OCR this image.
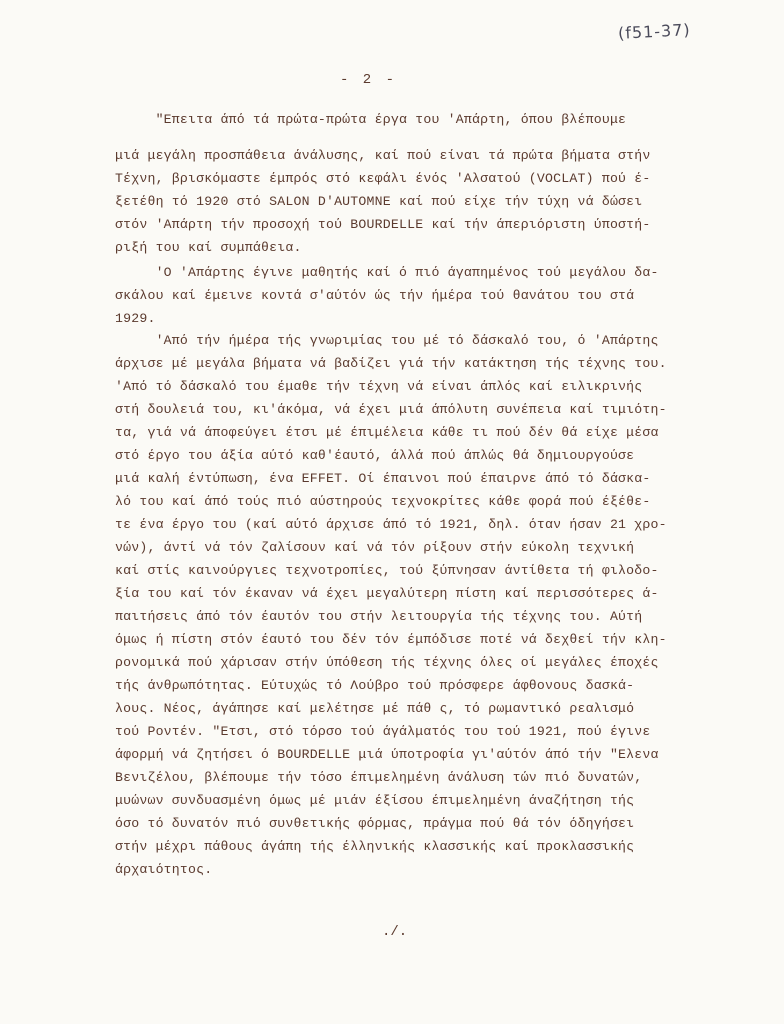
(f51-37)
- 2 -
"Επειτα άπό τά πρώτα-πρώτα έργα του 'Απάρτη, όπου βλέπουμε
μιά μεγάλη προσπάθεια άνάλυσης, καί πού είναι τά πρώτα βήματα στήν
Τέχνη, βρισκόμαστε έμπρός στό κεφάλι ένός 'Αλσατού (VOCLAT) πού έ-
ξετέθη τό 1920 στό SALON D'AUTOMNE καί πού είχε τήν τύχη νά δώσει
στόν 'Απάρτη τήν προσοχή τού BOURDELLE καί τήν άπεριόριστη ύποστή-
ριξή του καί συμπάθεια.
'Ο 'Απάρτης έγινε μαθητής καί ό πιό άγαπημένος τού μεγάλου δα-
σκάλου καί έμεινε κοντά σ'αύτόν ώς τήν ήμέρα τού θανάτου του στά
1929.
'Από τήν ήμέρα τής γνωριμίας του μέ τό δάσκαλό του, ό 'Απάρτης
άρχισε μέ μεγάλα βήματα νά βαδίζει γιά τήν κατάκτηση τής τέχνης του.
'Από τό δάσκαλό του έμαθε τήν τέχνη νά είναι άπλός καί ειλικρινής
στή δουλειά του, κι'άκόμα, νά έχει μιά άπόλυτη συνέπεια καί τιμιότη-
τα, γιά νά άποφεύγει έτσι μέ έπιμέλεια κάθε τι πού δέν θά είχε μέσα
στό έργο του άξία αύτό καθ'έαυτό, άλλά πού άπλώς θά δημιουργούσε
μιά καλή έντύπωση, ένα EFFET. Οί έπαινοι πού έπαιρνε άπό τό δάσκα-
λό του καί άπό τούς πιό αύστηρούς τεχνοκρίτες κάθε φορά πού έξέθε-
τε ένα έργο του (καί αύτό άρχισε άπό τό 1921, δηλ. όταν ήσαν 21 χρο-
νών), άντί νά τόν ζαλίσουν καί νά τόν ρίξουν στήν εύκολη τεχνική
καί στίς καινούργιες τεχνοτροπίες, τού ξύπνησαν άντίθετα τή φιλοδο-
ξία του καί τόν έκαναν νά έχει μεγαλύτερη πίστη καί περισσότερες ά-
παιτήσεις άπό τόν έαυτόν του στήν λειτουργία τής τέχνης του. Αύτή
όμως ή πίστη στόν έαυτό του δέν τόν έμπόδισε ποτέ νά δεχθεί τήν κλη-
ρονομικά πού χάρισαν στήν ύπόθεση τής τέχνης όλες οί μεγάλες έποχές
τής άνθρωπότητας. Εύτυχώς τό Λούβρο τού πρόσφερε άφθονους δασκά-
λους. Νέος, άγάπησε καί μελέτησε μέ πάθ ς, τό ρωμαντικό ρεαλισμό
τού Ροντέν. "Ετσι, στό τόρσο τού άγάλματός του τού 1921, πού έγινε
άφορμή νά ζητήσει ό BOURDELLE μιά ύποτροφία γι'αύτόν άπό τήν "Ελενα
Βενιζέλου, βλέπουμε τήν τόσο έπιμελημένη άνάλυση τών πιό δυνατών,
μυώνων συνδυασμένη όμως μέ μιάν έξίσου έπιμελημένη άναζήτηση τής
όσο τό δυνατόν πιό συνθετικής φόρμας, πράγμα πού θά τόν όδηγήσει
στήν μέχρι πάθους άγάπη τής έλληνικής κλασσικής καί προκλασσικής
άρχαιότητος.
./.
